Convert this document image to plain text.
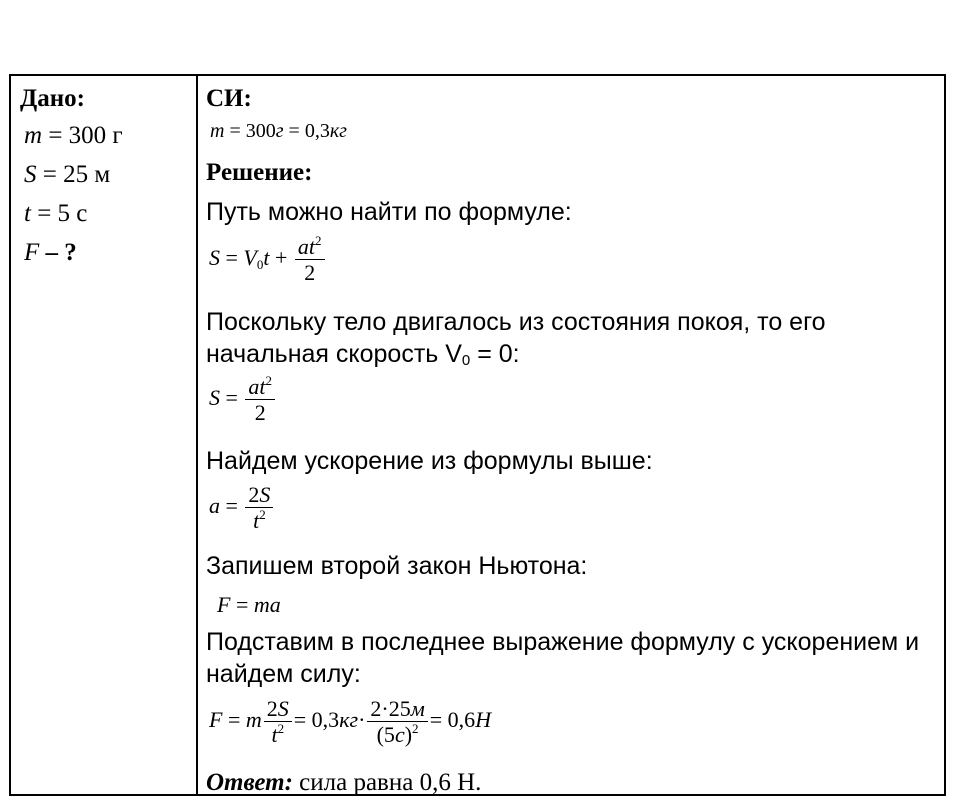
Дано:
m = 300 г
S = 25 м
t = 5 с
F – ?
СИ:
m = 300г = 0,3кг
Решение:
Путь можно найти по формуле:
$S = V_0t + \frac{at^2}{2}$
Поскольку тело двигалось из состояния покоя, то его
начальная скорость $V_0 = 0$:
$S = \frac{at^2}{2}$
Найдем ускорение из формулы выше:
$a = \frac{2S}{t^2}$
Запишем второй закон Ньютона:
F = ma
Подставим в последнее выражение формулу с ускорением и
найдем силу:
F = m $\frac{2S}{t^2} = 0,3кг\cdot 2\cdot 25м$
$(5с)^2 = 0,6H$
Ответ: сила равна 0,6 Н.
